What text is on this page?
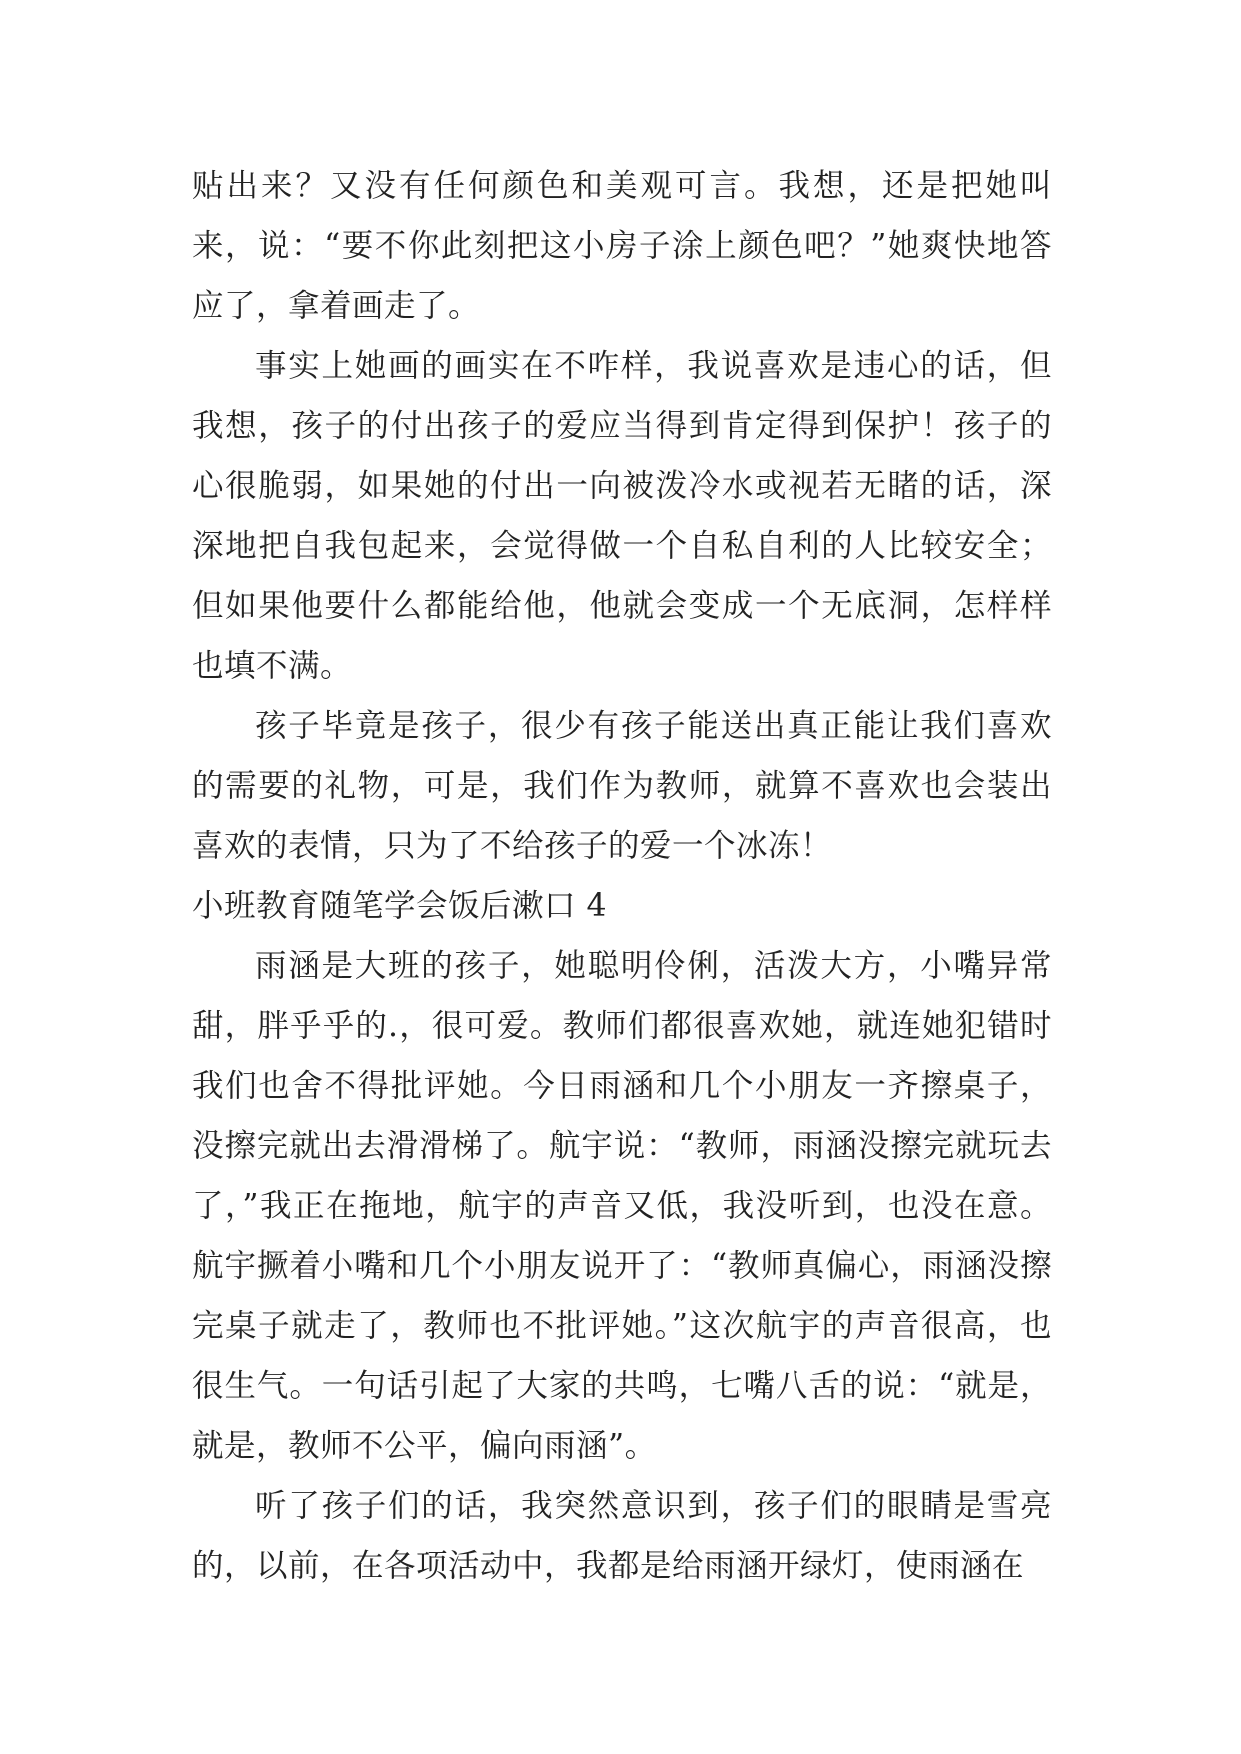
贴出来？又没有任何颜色和美观可言。我想，还是把她叫来，说：“要不你此刻把这小房子涂上颜色吧？”她爽快地答应了，拿着画走了。

事实上她画的画实在不咋样，我说喜欢是违心的话，但我想，孩子的付出孩子的爱应当得到肯定得到保护！孩子的心很脆弱，如果她的付出一向被泼冷水或视若无睹的话，深深地把自我包起来，会觉得做一个自私自利的人比较安全；但如果他要什么都能给他，他就会变成一个无底洞，怎样样也填不满。

孩子毕竟是孩子，很少有孩子能送出真正能让我们喜欢的需要的礼物，可是，我们作为教师，就算不喜欢也会装出喜欢的表情，只为了不给孩子的爱一个冰冻！

小班教育随笔学会饭后漱口 4

雨涵是大班的孩子，她聪明伶俐，活泼大方，小嘴异常甜，胖乎乎的.，很可爱。教师们都很喜欢她，就连她犯错时我们也舍不得批评她。今日雨涵和几个小朋友一齐擦桌子，没擦完就出去滑滑梯了。航宇说：“教师，雨涵没擦完就玩去了，”我正在拖地，航宇的声音又低，我没听到，也没在意。航宇撅着小嘴和几个小朋友说开了：“教师真偏心，雨涵没擦完桌子就走了，教师也不批评她。”这次航宇的声音很高，也很生气。一句话引起了大家的共鸣，七嘴八舌的说：“就是，就是，教师不公平，偏向雨涵”。

听了孩子们的话，我突然意识到，孩子们的眼睛是雪亮的，以前，在各项活动中，我都是给雨涵开绿灯，使雨涵在
